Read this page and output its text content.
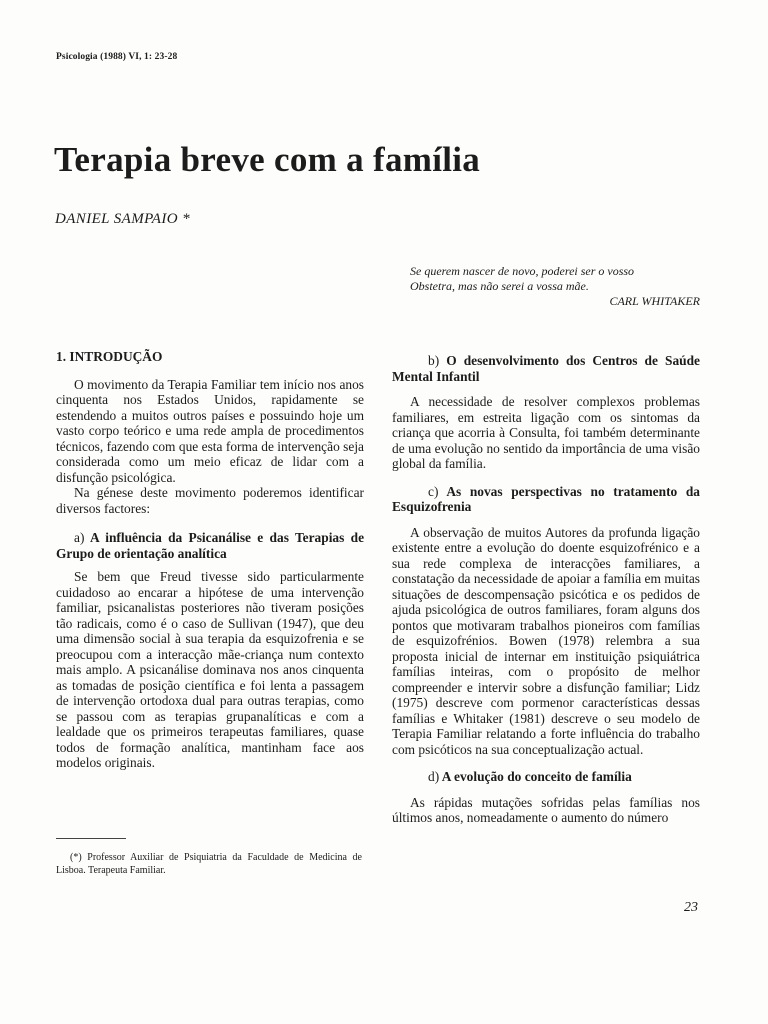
Psicologia (1988) VI, 1: 23-28
Terapia breve com a família
DANIEL SAMPAIO *
Se querem nascer de novo, poderei ser o vosso
Obstetra, mas não serei a vossa mãe.
CARL WHITAKER

1. INTRODUÇÃO

O movimento da Terapia Familiar tem início nos anos cinquenta nos Estados Unidos, rapidamente se estendendo a muitos outros países e possuindo hoje um vasto corpo teórico e uma rede ampla de procedimentos técnicos, fazendo com que esta forma de intervenção seja considerada como um meio eficaz de lidar com a disfunção psicológica.

Na génese deste movimento poderemos identificar diversos factores:

a) A influência da Psicanálise e das Terapias de Grupo de orientação analítica

Se bem que Freud tivesse sido particularmente cuidadoso ao encarar a hipótese de uma intervenção familiar, psicanalistas posteriores não tiveram posições tão radicais, como é o caso de Sullivan (1947), que deu uma dimensão social à sua terapia da esquizofrenia e se preocupou com a interacção mãe-criança num contexto mais amplo. A psicanálise dominava nos anos cinquenta as tomadas de posição científica e foi lenta a passagem de intervenção ortodoxa dual para outras terapias, como se passou com as terapias grupanalíticas e com a lealdade que os primeiros terapeutas familiares, quase todos de formação analítica, mantinham face aos modelos originais.

(*) Professor Auxiliar de Psiquiatria da Faculdade de Medicina de Lisboa. Terapeuta Familiar.

b) O desenvolvimento dos Centros de Saúde Mental Infantil

A necessidade de resolver complexos problemas familiares, em estreita ligação com os sintomas da criança que acorria à Consulta, foi também determinante de uma evolução no sentido da importância de uma visão global da família.

c) As novas perspectivas no tratamento da Esquizofrenia

A observação de muitos Autores da profunda ligação existente entre a evolução do doente esquizofrénico e a sua rede complexa de interacções familiares, a constatação da necessidade de apoiar a família em muitas situações de descompensação psicótica e os pedidos de ajuda psicológica de outros familiares, foram alguns dos pontos que motivaram trabalhos pioneiros com famílias de esquizofrénios. Bowen (1978) relembra a sua proposta inicial de internar em instituição psiquiátrica famílias inteiras, com o propósito de melhor compreender e intervir sobre a disfunção familiar; Lidz (1975) descreve com pormenor características dessas famílias e Whitaker (1981) descreve o seu modelo de Terapia Familiar relatando a forte influência do trabalho com psicóticos na sua conceptualização actual.

d) A evolução do conceito de família

As rápidas mutações sofridas pelas famílias nos últimos anos, nomeadamente o aumento do número

23
